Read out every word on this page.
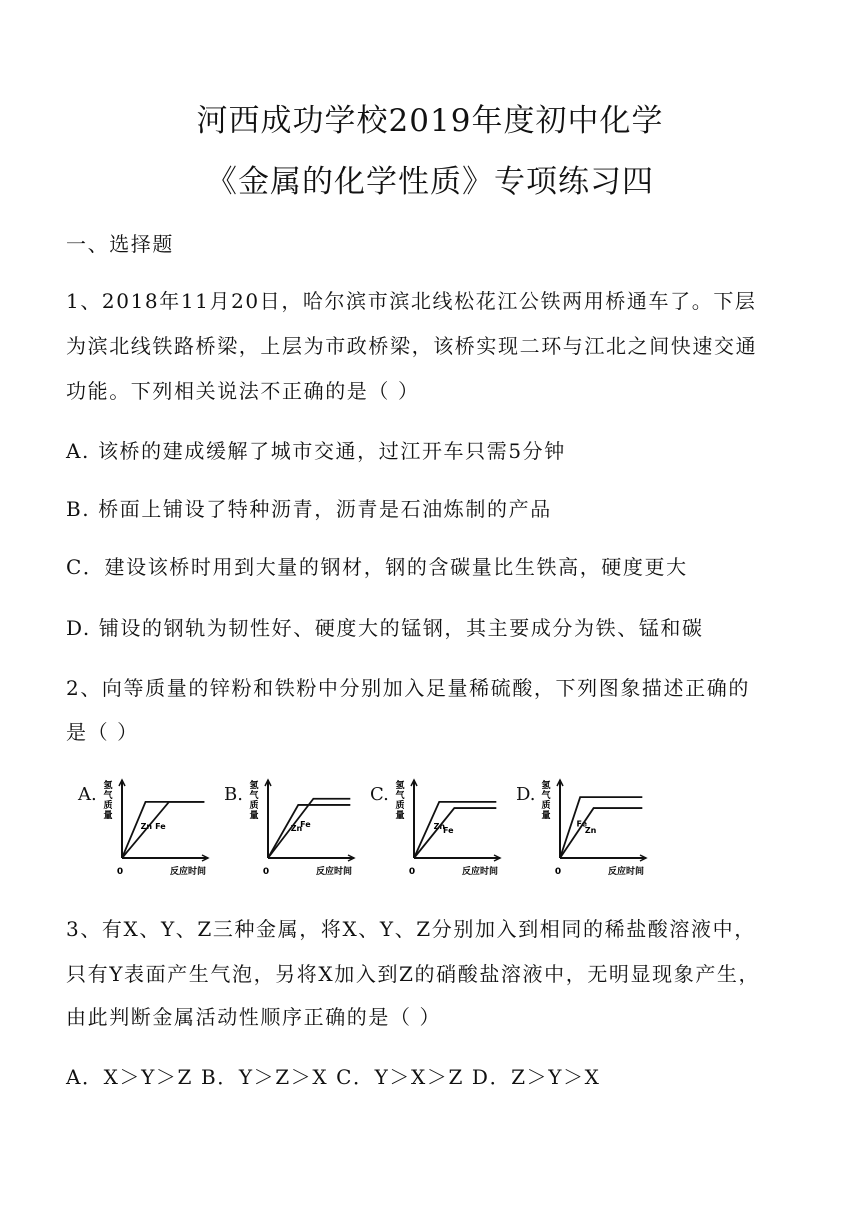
河西成功学校2019年度初中化学
《金属的化学性质》专项练习四
一、选择题
1、2018年11月20日，哈尔滨市滨北线松花江公铁两用桥通车了。下层
为滨北线铁路桥梁，上层为市政桥梁，该桥实现二环与江北之间快速交通
功能。下列相关说法不正确的是（ ）
A. 该桥的建成缓解了城市交通，过江开车只需5分钟
B. 桥面上铺设了特种沥青，沥青是石油炼制的产品
C．建设该桥时用到大量的钢材，钢的含碳量比生铁高，硬度更大
D. 铺设的钢轨为韧性好、硬度大的锰钢，其主要成分为铁、锰和碳
2、向等质量的锌粉和铁粉中分别加入足量稀硫酸，下列图象描述正确的
是（ ）
氢
气
质
量
反应时间
0
Zn Fe
A.	氢
气
质
量
反应时间
0
Zn
Fe
B.	氢
气
质
量
反应时间
0
Zn
Fe
C.	氢
气
质
量
反应时间
0
Fe
Zn
D.
3、有X、Y、Z三种金属，将X、Y、Z分别加入到相同的稀盐酸溶液中，
只有Y表面产生气泡，另将X加入到Z的硝酸盐溶液中，无明显现象产生，
由此判断金属活动性顺序正确的是（ ）
A．X＞Y＞Z B．Y＞Z＞X C．Y＞X＞Z D．Z＞Y＞X
